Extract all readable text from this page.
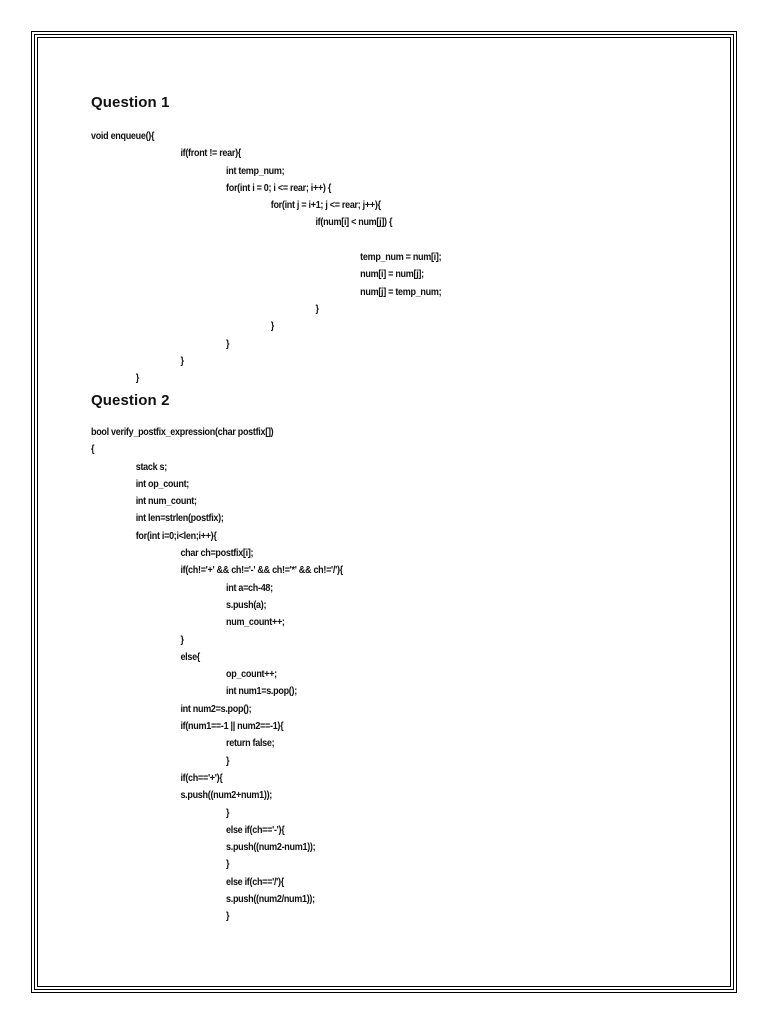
Question 1
void enqueue(){
if(front != rear){
int temp_num;
for(int i = 0; i <= rear; i++) {
for(int j = i+1; j <= rear; j++){
if(num[i] < num[j]) {
temp_num = num[i];
num[i] = num[j];
num[j] = temp_num;
}
}
}
}
}
Question 2
bool verify_postfix_expression(char postfix[])
{
stack s;
int op_count;
int num_count;
int len=strlen(postfix);
for(int i=0;i<len;i++){
char ch=postfix[i];
if(ch!='+' && ch!='-' && ch!='*' && ch!='/'){
int a=ch-48;
s.push(a);
num_count++;
}
else{
op_count++;
int num1=s.pop();
int num2=s.pop();
if(num1==-1 || num2==-1){
return false;
}
if(ch=='+'){
s.push((num2+num1));
}
else if(ch=='-'){
s.push((num2-num1));
}
else if(ch=='/'){
s.push((num2/num1));
}
